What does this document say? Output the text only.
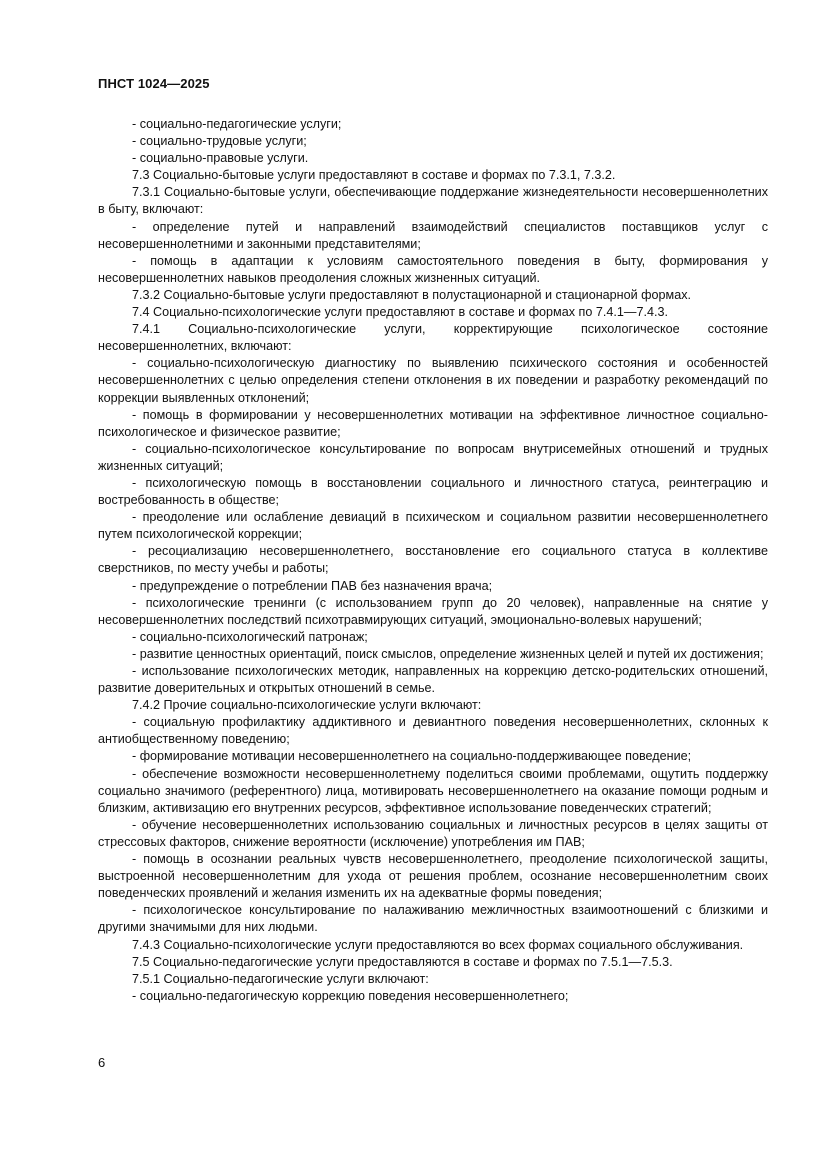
ПНСТ 1024—2025

- социально-педагогические услуги;

- социально-трудовые услуги;

- социально-правовые услуги.

7.3 Социально-бытовые услуги предоставляют в составе и формах по 7.3.1, 7.3.2.

7.3.1 Социально-бытовые услуги, обеспечивающие поддержание жизнедеятельности несовершеннолетних в быту, включают:

- определение путей и направлений взаимодействий специалистов поставщиков услуг с несовершеннолетними и законными представителями;

- помощь в адаптации к условиям самостоятельного поведения в быту, формирования у несовершеннолетних навыков преодоления сложных жизненных ситуаций.

7.3.2 Социально-бытовые услуги предоставляют в полустационарной и стационарной формах.

7.4 Социально-психологические услуги предоставляют в составе и формах по 7.4.1—7.4.3.

7.4.1 Социально-психологические услуги, корректирующие психологическое состояние несовершеннолетних, включают:

- социально-психологическую диагностику по выявлению психического состояния и особенностей несовершеннолетних с целью определения степени отклонения в их поведении и разработку рекомендаций по коррекции выявленных отклонений;

- помощь в формировании у несовершеннолетних мотивации на эффективное личностное социально-психологическое и физическое развитие;

- социально-психологическое консультирование по вопросам внутрисемейных отношений и трудных жизненных ситуаций;

- психологическую помощь в восстановлении социального и личностного статуса, реинтеграцию и востребованность в обществе;

- преодоление или ослабление девиаций в психическом и социальном развитии несовершеннолетнего путем психологической коррекции;

- ресоциализацию несовершеннолетнего, восстановление его социального статуса в коллективе сверстников, по месту учебы и работы;

- предупреждение о потреблении ПАВ без назначения врача;

- психологические тренинги (с использованием групп до 20 человек), направленные на снятие у несовершеннолетних последствий психотравмирующих ситуаций, эмоционально-волевых нарушений;

- социально-психологический патронаж;

- развитие ценностных ориентаций, поиск смыслов, определение жизненных целей и путей их достижения;

- использование психологических методик, направленных на коррекцию детско-родительских отношений, развитие доверительных и открытых отношений в семье.

7.4.2 Прочие социально-психологические услуги включают:

- социальную профилактику аддиктивного и девиантного поведения несовершеннолетних, склонных к антиобщественному поведению;

- формирование мотивации несовершеннолетнего на социально-поддерживающее поведение;

- обеспечение возможности несовершеннолетнему поделиться своими проблемами, ощутить поддержку социально значимого (референтного) лица, мотивировать несовершеннолетнего на оказание помощи родным и близким, активизацию его внутренних ресурсов, эффективное использование поведенческих стратегий;

- обучение несовершеннолетних использованию социальных и личностных ресурсов в целях защиты от стрессовых факторов, снижение вероятности (исключение) употребления им ПАВ;

- помощь в осознании реальных чувств несовершеннолетнего, преодоление психологической защиты, выстроенной несовершеннолетним для ухода от решения проблем, осознание несовершеннолетним своих поведенческих проявлений и желания изменить их на адекватные формы поведения;

- психологическое консультирование по налаживанию межличностных взаимоотношений с близкими и другими значимыми для них людьми.

7.4.3 Социально-психологические услуги предоставляются во всех формах социального обслуживания.

7.5 Социально-педагогические услуги предоставляются в составе и формах по 7.5.1—7.5.3.

7.5.1 Социально-педагогические услуги включают:

- социально-педагогическую коррекцию поведения несовершеннолетнего;

6
